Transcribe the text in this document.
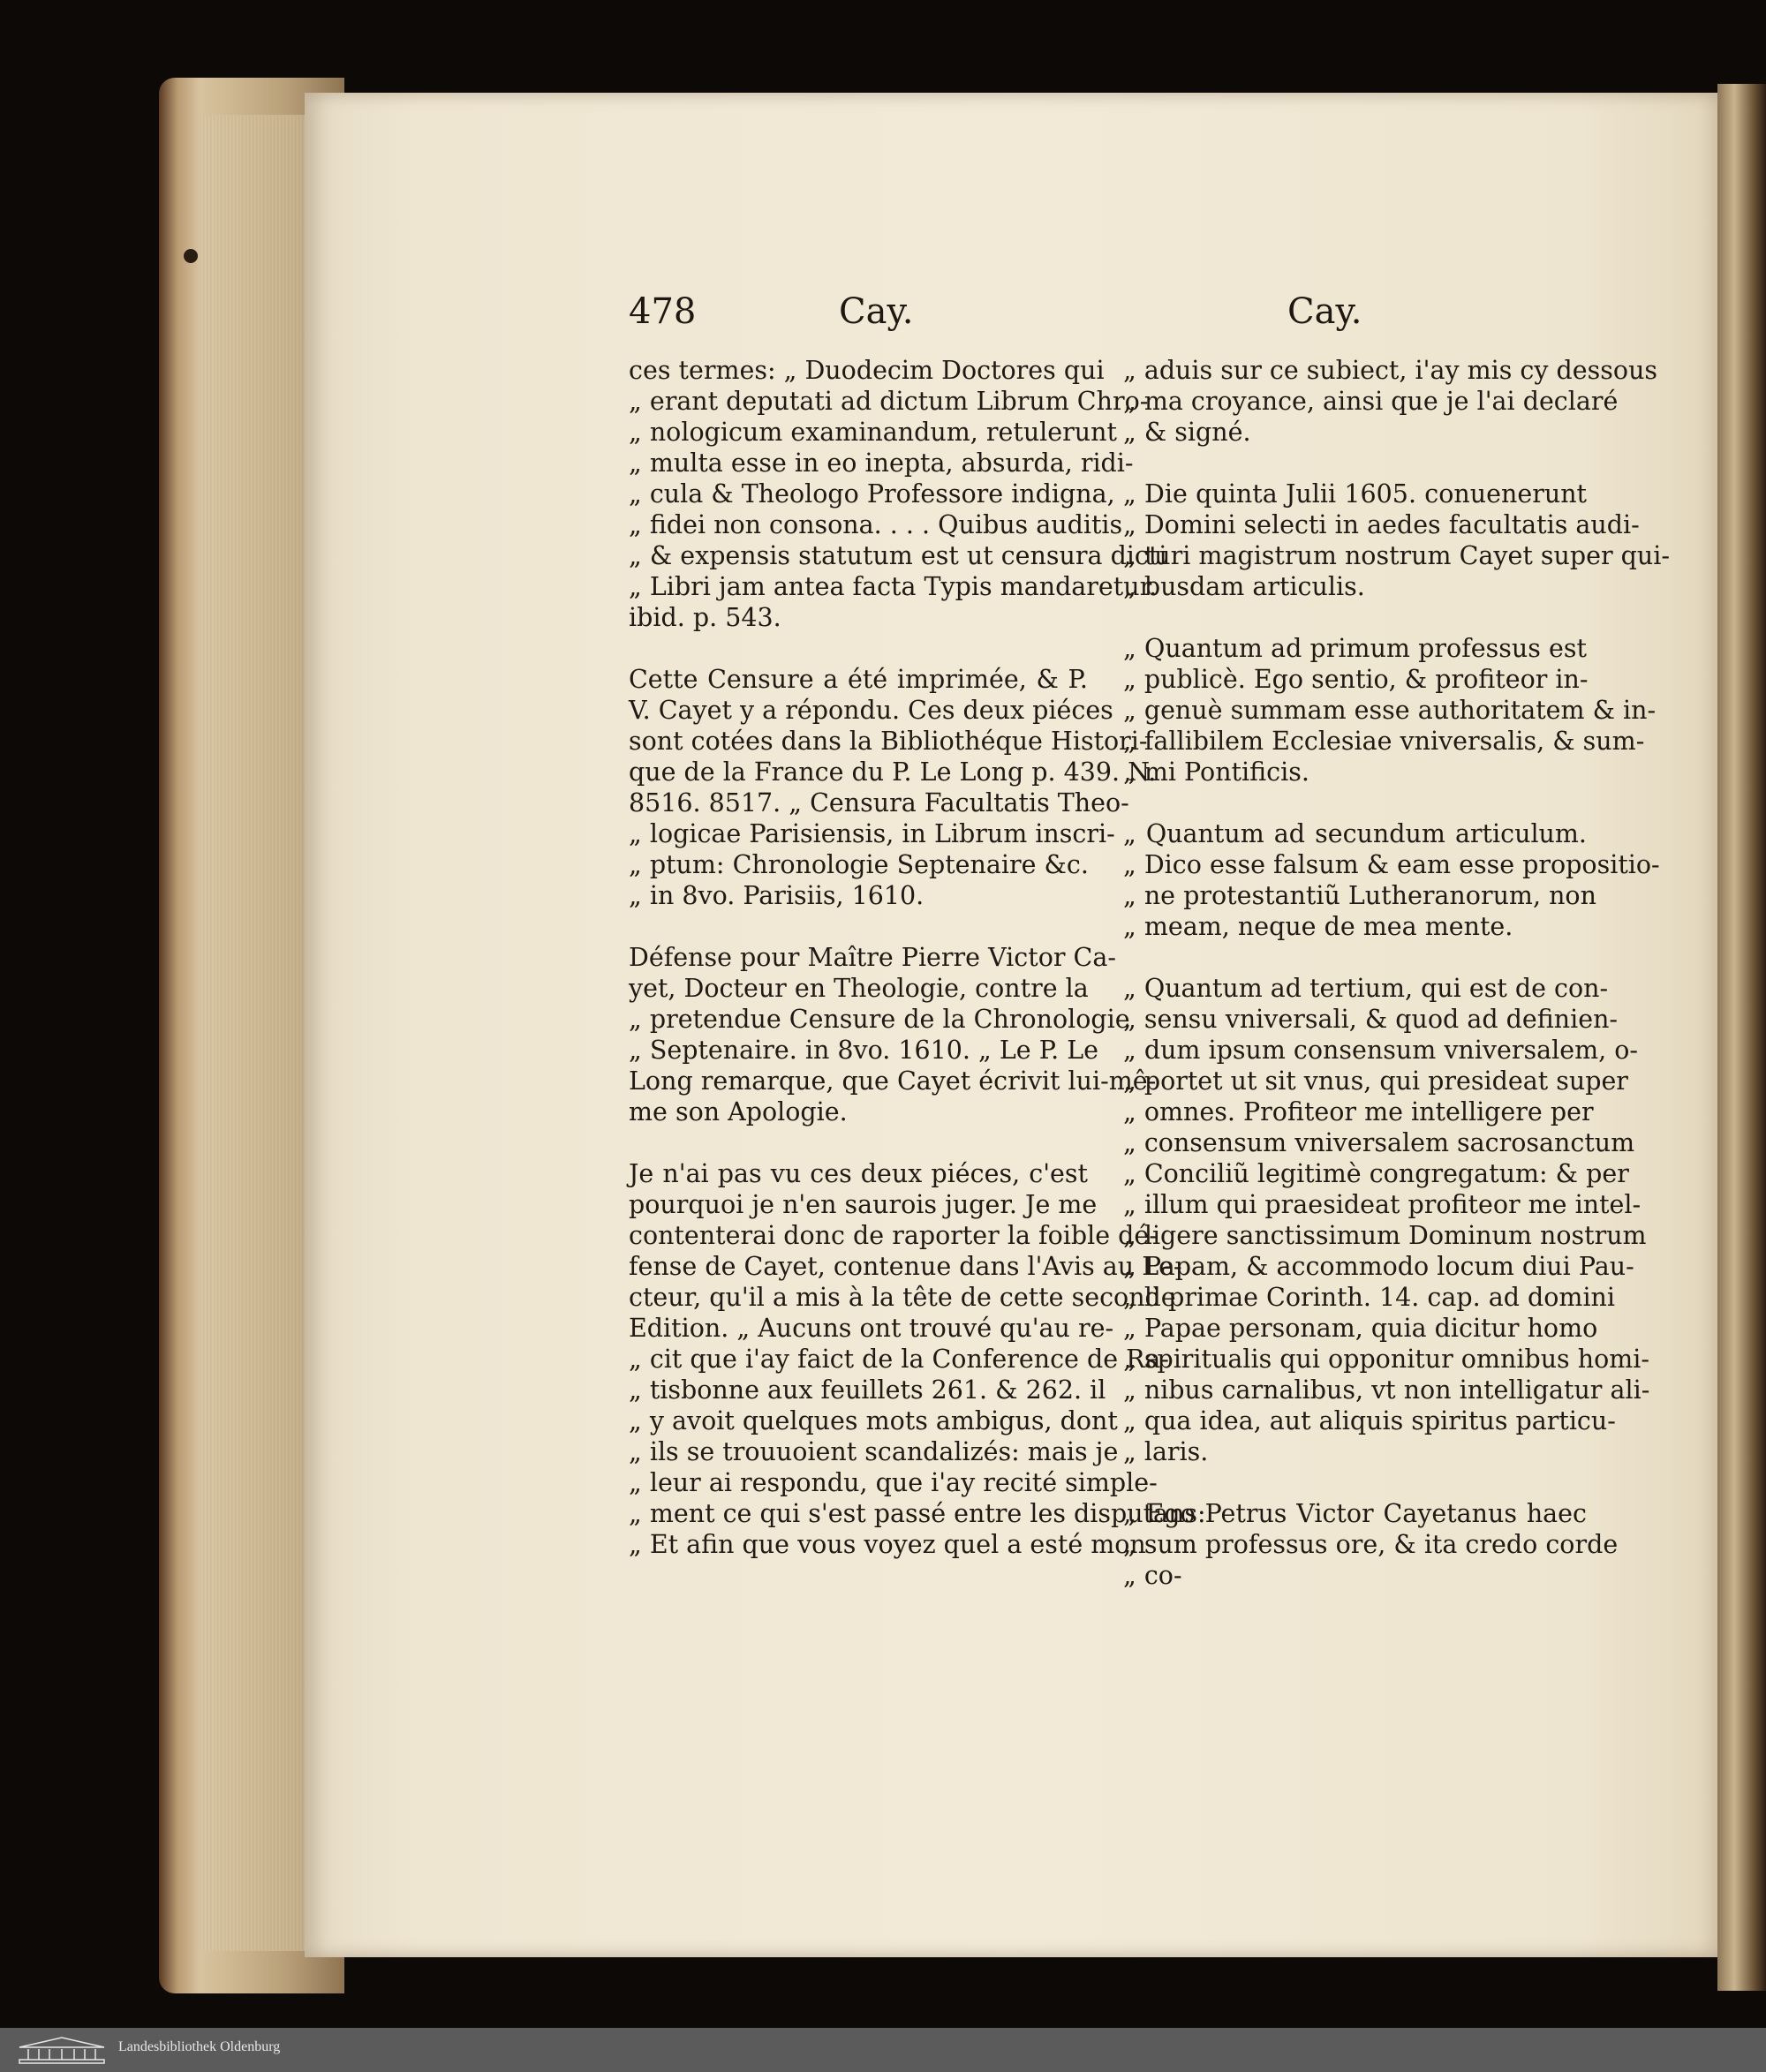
478	Cay.	Cay.
ces termes: „ Duodecim Doctores qui
„ erant deputati ad dictum Librum Chro-
„ nologicum examinandum, retulerunt
„ multa esse in eo inepta, absurda, ridi-
„ cula & Theologo Professore indigna,
„ fidei non consona. . . . Quibus auditis
„ & expensis statutum est ut censura dicti
„ Libri jam antea facta Typis mandaretur.
ibid. p. 543.
Cette Censure a été imprimée, & P.
V. Cayet y a répondu. Ces deux piéces
sont cotées dans la Bibliothéque Histori-
que de la France du P. Le Long p. 439. N.
8516. 8517. „ Censura Facultatis Theo-
„ logicae Parisiensis, in Librum inscri-
„ ptum: Chronologie Septenaire &c.
„ in 8vo. Parisiis, 1610.
Défense pour Maître Pierre Victor Ca-
yet, Docteur en Theologie, contre la
„ pretendue Censure de la Chronologie
„ Septenaire. in 8vo. 1610. „ Le P. Le
Long remarque, que Cayet écrivit lui-mê-
me son Apologie.
Je n'ai pas vu ces deux piéces, c'est
pourquoi je n'en saurois juger. Je me
contenterai donc de raporter la foible dé-
fense de Cayet, contenue dans l'Avis au Le-
cteur, qu'il a mis à la tête de cette seconde
Edition. „ Aucuns ont trouvé qu'au re-
„ cit que i'ay faict de la Conference de Ra-
„ tisbonne aux feuillets 261. & 262. il
„ y avoit quelques mots ambigus, dont
„ ils se trouuoient scandalizés: mais je
„ leur ai respondu, que i'ay recité simple-
„ ment ce qui s'est passé entre les disputans:
„ Et afin que vous voyez quel a esté mon
„ aduis sur ce subiect, i'ay mis cy dessous
„ ma croyance, ainsi que je l'ai declaré
„ & signé.
„ Die quinta Julii 1605. conuenerunt
„ Domini selecti in aedes facultatis audi-
„ turi magistrum nostrum Cayet super qui-
„ busdam articulis.
„ Quantum ad primum professus est
„ publicè. Ego sentio, & profiteor in-
„ genuè summam esse authoritatem & in-
„ fallibilem Ecclesiae vniversalis, & sum-
„ mi Pontificis.
„ Quantum ad secundum articulum.
„ Dico esse falsum & eam esse propositio-
„ ne protestantiũ Lutheranorum, non
„ meam, neque de mea mente.
„ Quantum ad tertium, qui est de con-
„ sensu vniversali, & quod ad definien-
„ dum ipsum consensum vniversalem, o-
„ portet ut sit vnus, qui presideat super
„ omnes. Profiteor me intelligere per
„ consensum vniversalem sacrosanctum
„ Conciliũ legitimè congregatum: & per
„ illum qui praesideat profiteor me intel-
„ ligere sanctissimum Dominum nostrum
„ Papam, & accommodo locum diui Pau-
„ li primae Corinth. 14. cap. ad domini
„ Papae personam, quia dicitur homo
„ spiritualis qui opponitur omnibus homi-
„ nibus carnalibus, vt non intelligatur ali-
„ qua idea, aut aliquis spiritus particu-
„ laris.
„ Ego Petrus Victor Cayetanus haec
„ sum professus ore, & ita credo corde
„ co-
Landesbibliothek Oldenburg
